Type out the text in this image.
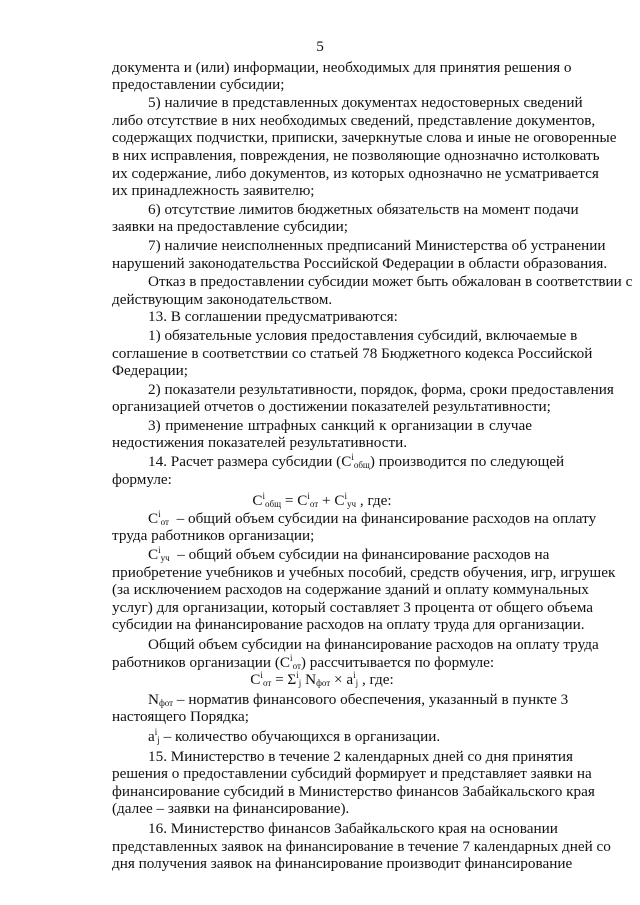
5
документа и (или) информации, необходимых для принятия решения о
предоставлении субсидии;
5) наличие в представленных документах недостоверных сведений
либо отсутствие в них необходимых сведений, представление документов,
содержащих подчистки, приписки, зачеркнутые слова и иные не оговоренные
в них исправления, повреждения, не позволяющие однозначно истолковать
их содержание, либо документов, из которых однозначно не усматривается
их принадлежность заявителю;
6) отсутствие лимитов бюджетных обязательств на момент подачи
заявки на предоставление субсидии;
7) наличие неисполненных предписаний Министерства об устранении
нарушений законодательства Российской Федерации в области образования.
Отказ в предоставлении субсидии может быть обжалован в соответствии с
действующим законодательством.
13. В соглашении предусматриваются:
1) обязательные условия предоставления субсидий, включаемые в
соглашение в соответствии со статьей 78 Бюджетного кодекса Российской
Федерации;
2) показатели результативности, порядок, форма, сроки предоставления
организацией отчетов о достижении показателей результативности;
3) применение штрафных санкций к организации в случае
недостижения показателей результативности.
14. Расчет размера субсидии $(C^i_{общ})$ производится по следующей
формуле:
$C^i_{общ} = C^i_{от} + C^i_{уч}$ , где:
$C^i_{от}$  – общий объем субсидии на финансирование расходов на оплату
труда работников организации;
$C^i_{уч}$  – общий объем субсидии на финансирование расходов на
приобретение учебников и учебных пособий, средств обучения, игр, игрушек
(за исключением расходов на содержание зданий и оплату коммунальных
услуг) для организации, который составляет 3 процента от общего объема
субсидии на финансирование расходов на оплату труда для организации.
Общий объем субсидии на финансирование расходов на оплату труда
работников организации $(C^i_{от})$ рассчитывается по формуле:
$C^i_{от} = \Sigma^i_j$ $N_{фот} \times a^i_j$ , где:
$N_{фот}$ – норматив финансового обеспечения, указанный в пункте 3
настоящего Порядка;
$a^i_j$ – количество обучающихся в организации.
15. Министерство в течение 2 календарных дней со дня принятия
решения о предоставлении субсидий формирует и представляет заявки на
финансирование субсидий в Министерство финансов Забайкальского края
(далее – заявки на финансирование).
16. Министерство финансов Забайкальского края на основании
представленных заявок на финансирование в течение 7 календарных дней со
дня получения заявок на финансирование производит финансирование
